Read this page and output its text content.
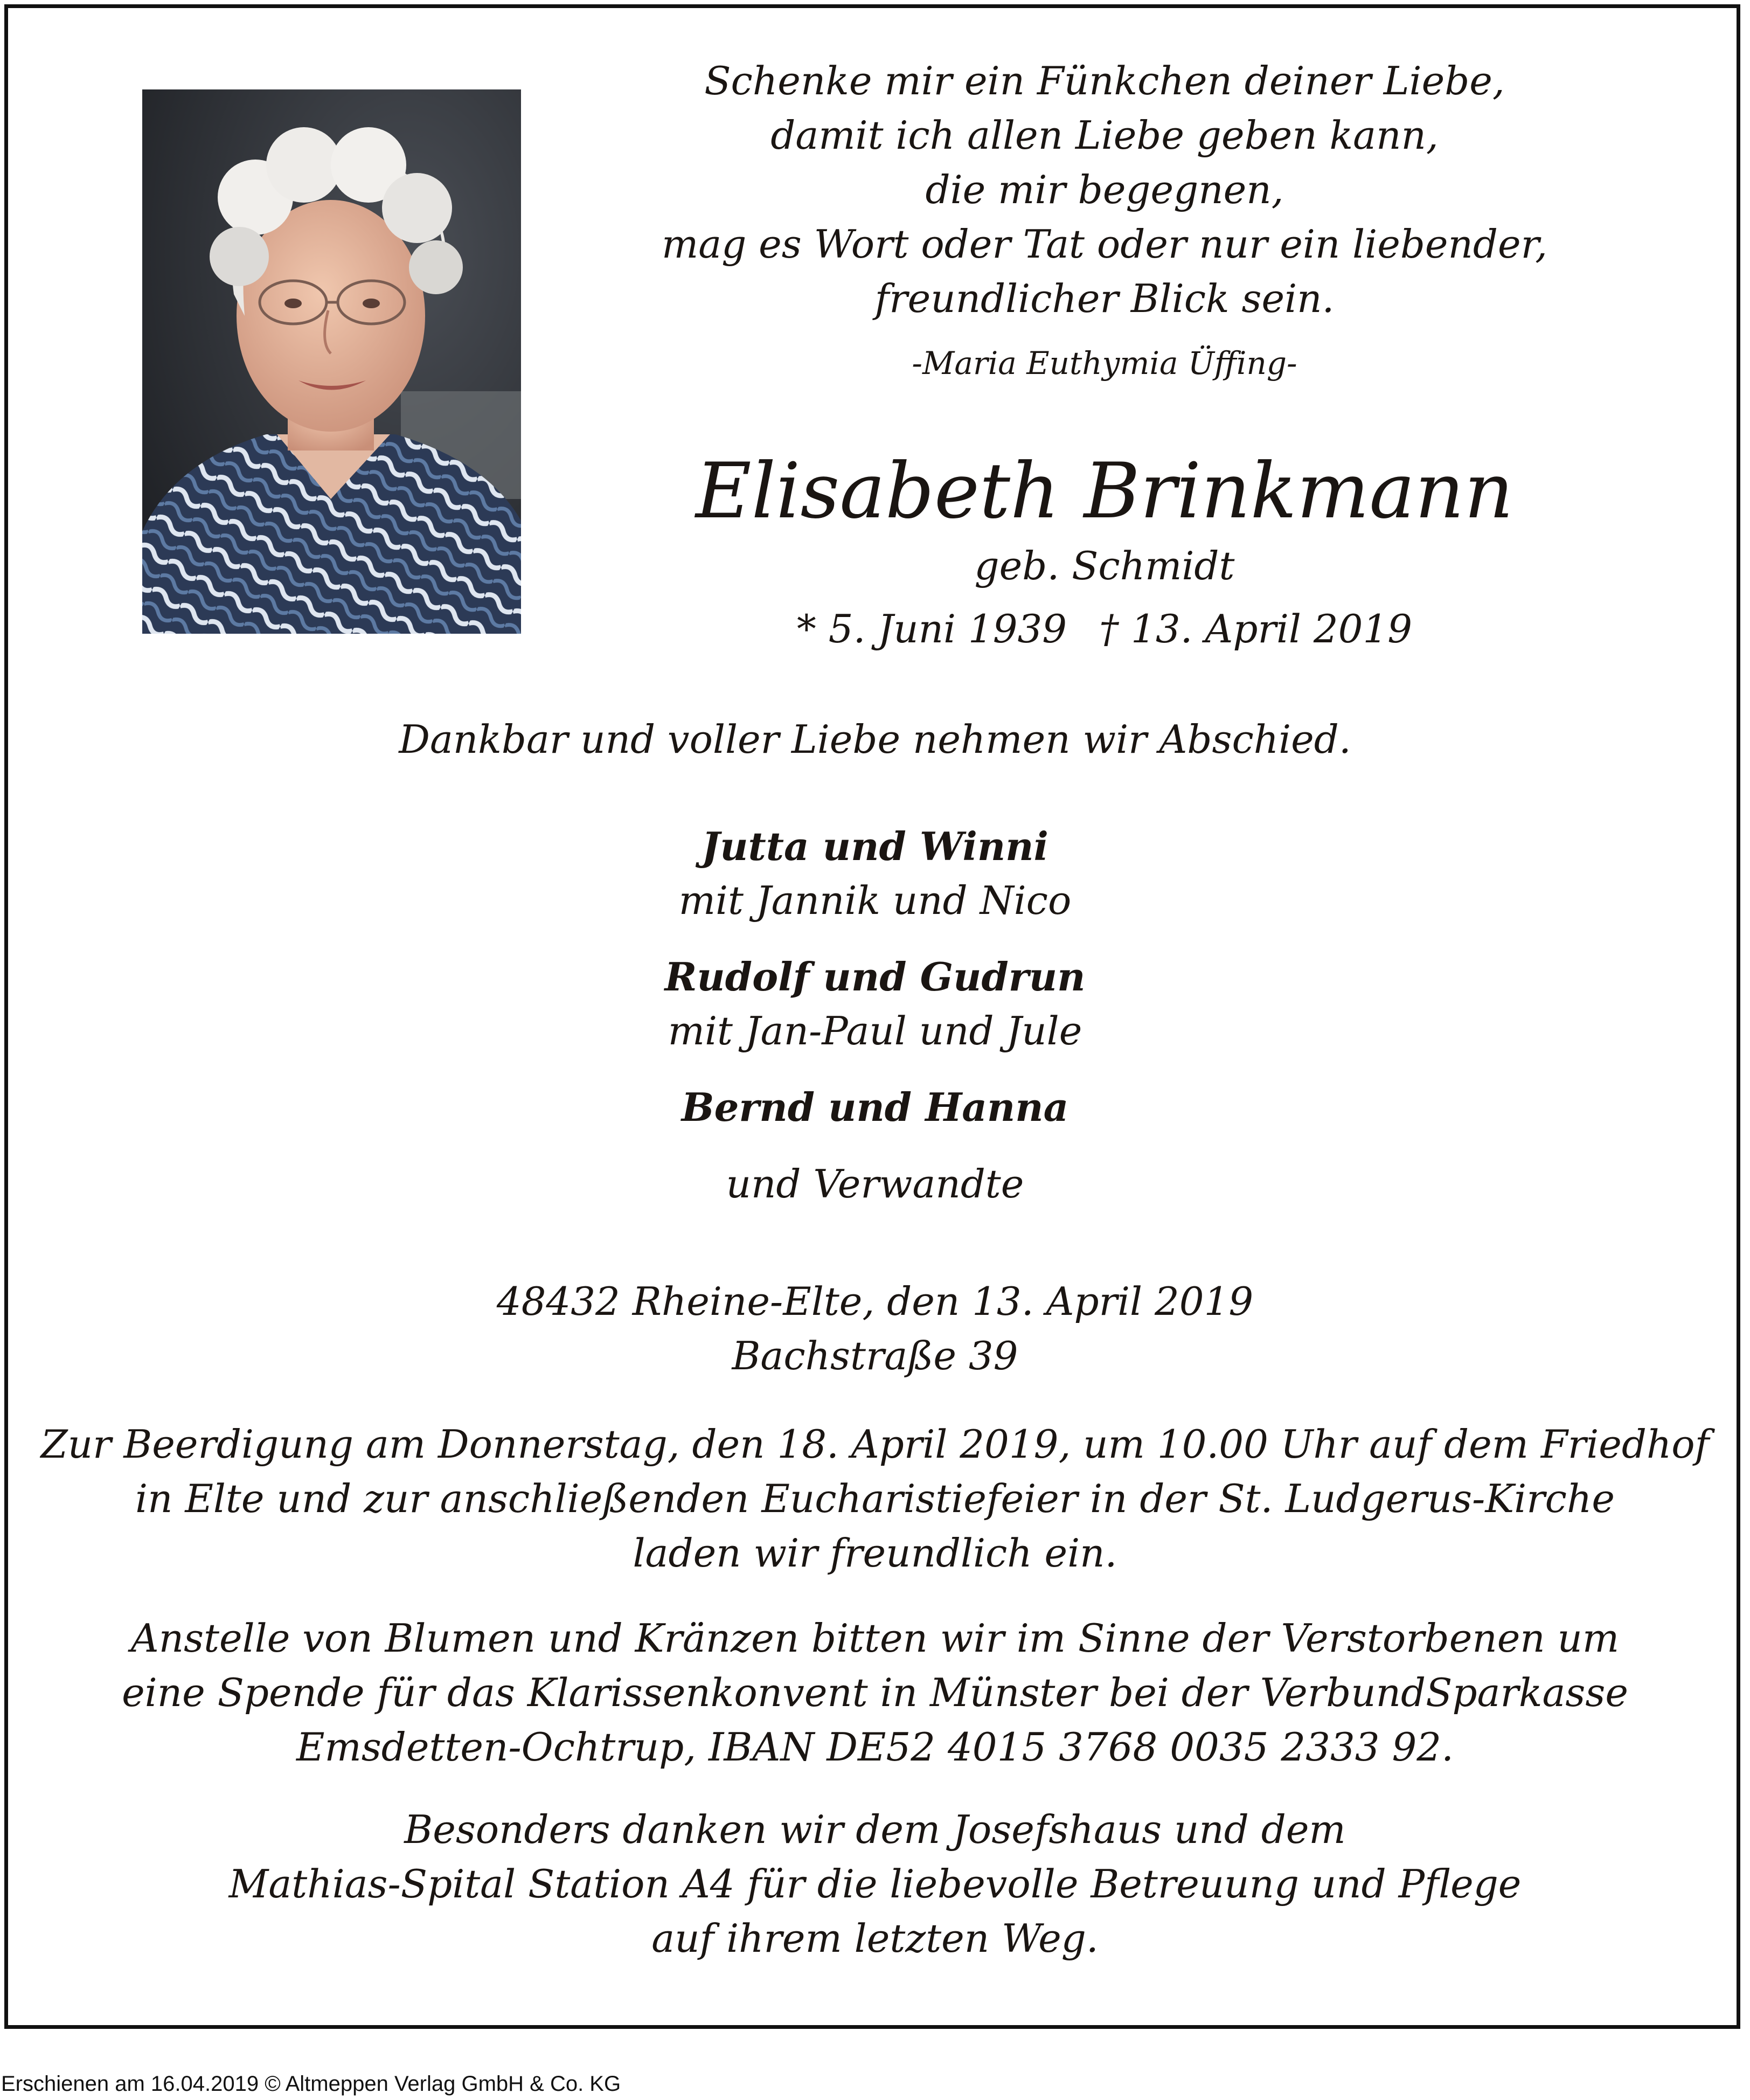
Schenke mir ein Fünkchen deiner Liebe,
damit ich allen Liebe geben kann,
die mir begegnen,
mag es Wort oder Tat oder nur ein liebender,
freundlicher Blick sein.
-Maria Euthymia Üffing-
Elisabeth Brinkmann
geb. Schmidt
* 5. Juni 1939 † 13. April 2019
Dankbar und voller Liebe nehmen wir Abschied.
Jutta und Winni
mit Jannik und Nico
Rudolf und Gudrun
mit Jan-Paul und Jule
Bernd und Hanna
und Verwandte
48432 Rheine-Elte, den 13. April 2019
Bachstraße 39
Zur Beerdigung am Donnerstag, den 18. April 2019, um 10.00 Uhr auf dem Friedhof
in Elte und zur anschließenden Eucharistiefeier in der St. Ludgerus-Kirche
laden wir freundlich ein.
Anstelle von Blumen und Kränzen bitten wir im Sinne der Verstorbenen um
eine Spende für das Klarissenkonvent in Münster bei der VerbundSparkasse
Emsdetten-Ochtrup, IBAN DE52 4015 3768 0035 2333 92.
Besonders danken wir dem Josefshaus und dem
Mathias-Spital Station A4 für die liebevolle Betreuung und Pflege
auf ihrem letzten Weg.
Erschienen am 16.04.2019 © Altmeppen Verlag GmbH & Co. KG
